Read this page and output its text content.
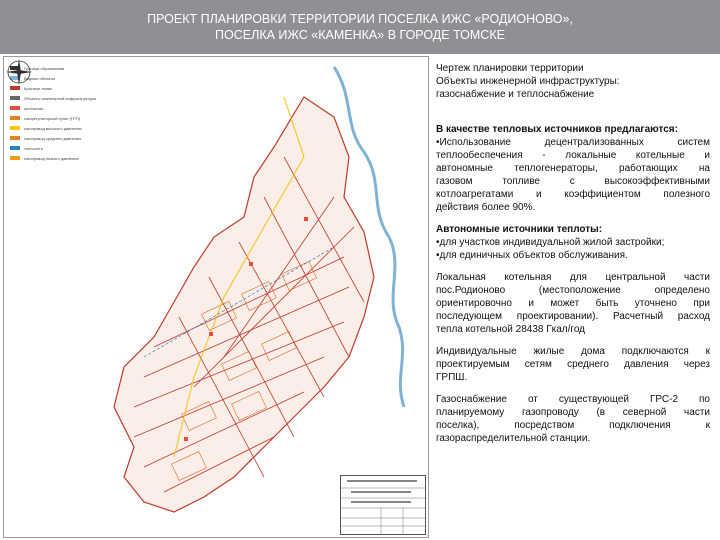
ПРОЕКТ ПЛАНИРОВКИ ТЕРРИТОРИИ ПОСЕЛКА ИЖС «РОДИОНОВО»,
ПОСЕЛКА ИЖС «КАМЕНКА» В ГОРОДЕ ТОМСКЕ
Граница образования
Водные объекты
Красные линии
Объекты инженерной инфраструктуры
котельная
газорегуляторный пункт (ГРП)
газопровод высокого давления
газопровод среднего давления
теплосеть
газопровод низкого давления
Чертеж планировки территории
Объекты инженерной инфраструктуры:
газоснабжение и теплоснабжение
В качестве тепловых источников предлагаются:
•Использование децентрализованных систем
теплообеспечения - локальные котельные и
автономные теплогенераторы, работающих на
газовом топливе с высокоэффективными
котлоагрегатами и коэффициентом полезного
действия более 90%.
Автономные источники теплоты:
•для участков индивидуальной жилой застройки;
•для единичных объектов обслуживания.
Локальная котельная для центральной части
пос.Родионово (местоположение определено
ориентировочно и может быть уточнено при
последующем проектировании). Расчетный расход
тепла котельной 28438 Гкал/год
Индивидуальные жилые дома подключаются к
проектируемым сетям среднего давления через
ГРПШ.
Газоснабжение от существующей ГРС-2 по
планируемому газопроводу (в северной части
поселка), посредством подключения к
газораспределительной станции.
